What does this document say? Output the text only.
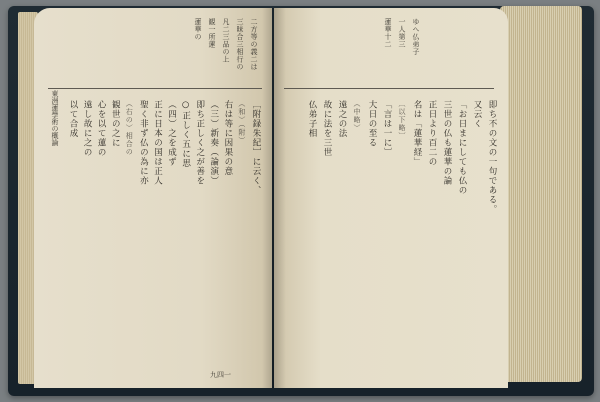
二方等の義二は
三昧合三相行の
凡二三品の上
観一所蓮
蓮華の
東洲蓮學術の概論	［附録朱紀］に云く、
（和）（附）
右は等に因果の意
（三）新奏（論演）
即ち正しく之が善を
○正しく五に思
（四）之を成ず
正に日本の国は正人
聖く非ず仏の為に亦
（右の）相合の
観世の之に
心を以て蓮の
遠し故に之の
以て合成
九四一
ゆへ仏弟子
一人第三
蓮華十二
即ち不の文の一句である。
又云く
「お日まにしても仏の
三世の仏も蓮華の論
正日より百二の
名は「蓮華経」
〔以下略〕
「言は一に〕
大日の至る
（中略）
遠之の法
故に法を三世
仏弟子相
